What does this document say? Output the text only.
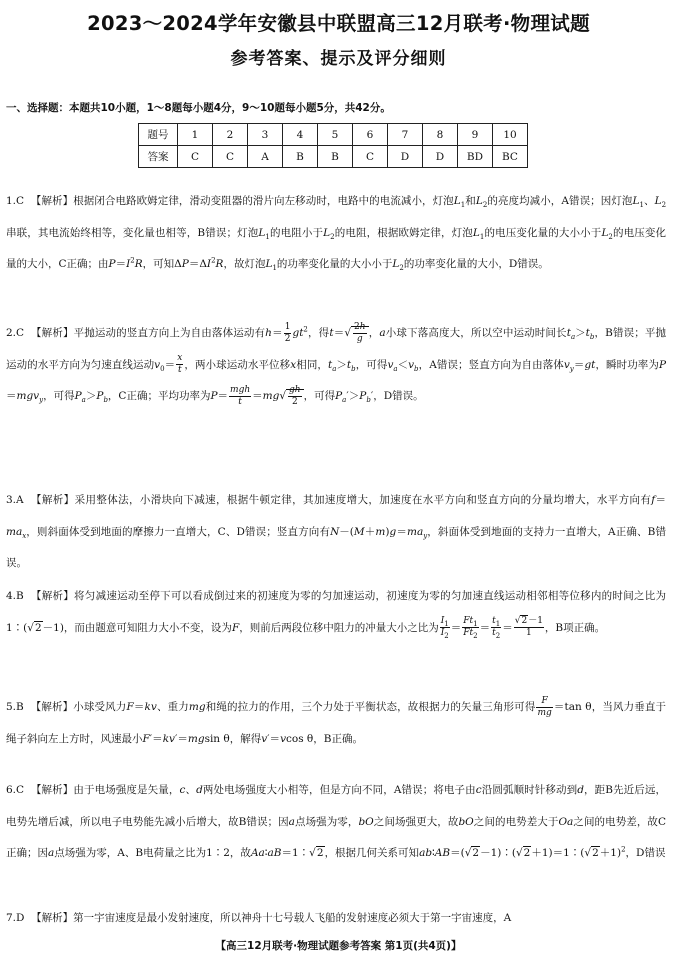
2023～2024学年安徽县中联盟高三12月联考·物理试题
参考答案、提示及评分细则
一、选择题：本题共10小题，1～8题每小题4分，9～10题每小题5分，共42分。
题号	1	2	3	4	5	6	7	8	9	10
答案	C	C	A	B	B	C	D	D	BD	BC

1.C 【解析】根据闭合电路欧姆定律，滑动变阻器的滑片向左移动时，电路中的电流减小，灯泡$L_1$和$L_2$的亮度均减小，A错误；因灯泡$L_1$、$L_2$串联，其电流始终相等，变化量也相等，B错误；灯泡$L_1$的电阻小于$L_2$的电阻，根据欧姆定律，灯泡$L_1$的电压变化量的大小小于$L_2$的电压变化量的大小，C正确；由$P=I^2R$，可知$\Delta P=\Delta I^2R$，故灯泡$L_1$的功率变化量的大小小于$L_2$的功率变化量的大小，D错误。

2.C 【解析】平抛运动的竖直方向上为自由落体运动有$h= \frac{1}{2} gt^2$，得$t=√ \frac{2h}{g}$ ，a小球下落高度大，所以空中运动时间长$t_a>t_b$，B错误；平抛运动的水平方向为匀速直线运动$v_0= \frac{x}{t}$ ，两小球运动水平位移x相同，$t_a>t_b$，可得$v_a<v_b$，A错误；竖直方向为自由落体$v_y=gt$，瞬时功率为P＝mgv$_y$，可得$P_a>P_b$，C正确；平均功率为$P= \frac{\text{mgh}}{t} =mg√ \frac{gh}{2}$ ，可得$P_a'>P_b'$，D错误。

3.A 【解析】采用整体法，小滑块向下减速，根据牛顿定律，其加速度增大，加速度在水平方向和竖直方向的分量均增大，水平方向有$f=ma_x$，则斜面体受到地面的摩擦力一直增大，C、D错误；竖直方向有$N-(M+m)g=ma_y$，斜面体受到地面的支持力一直增大，A正确、B错误。

4.B 【解析】将匀减速运动至停下可以看成倒过来的初速度为零的匀加速运动，初速度为零的匀加速直线运动相邻相等位移内的时间之比为1∶(√2－1)，而由题意可知阻力大小不变，设为F，则前后两段位移中阻力的冲量大小之比为 $\frac{I_1}{I_2} = \frac{Ft_1}{Ft_2} = \frac{t_1}{t_2} = \frac{√2-1}{1}$ ，B项正确。

5.B 【解析】小球受风力F＝kv、重力mg和绳的拉力的作用，三个力处于平衡状态，故根据力的矢量三角形可得 $\frac{F}{mg} =\tan$ θ，当风力垂直于绳子斜向左上方时，风速最小F′＝kv′＝mgsin θ，解得v′＝vcos θ，B正确。

6.C 【解析】由于电场强度是矢量，c、d两处电场强度大小相等，但是方向不同，A错误；将电子由c沿圆弧顺时针移动到d，距B先近后远，电势先增后减，所以电子电势能先减小后增大，故B错误；因a点场强为零，bO之间场强更大，故bO之间的电势差大于Oa之间的电势差，故C正确；因a点场强为零，A、B电荷量之比为1∶2，故Aa∶aB＝1∶√2，根据几何关系可知$ab∶AB=(√2-1)∶(√2+1)=1∶(√2+1)^2$，D错误

7.D 【解析】第一宇宙速度是最小发射速度，所以神舟十七号载人飞船的发射速度必须大于第一宇宙速度，A

【高三12月联考·物理试题参考答案 第1页(共4页)】
